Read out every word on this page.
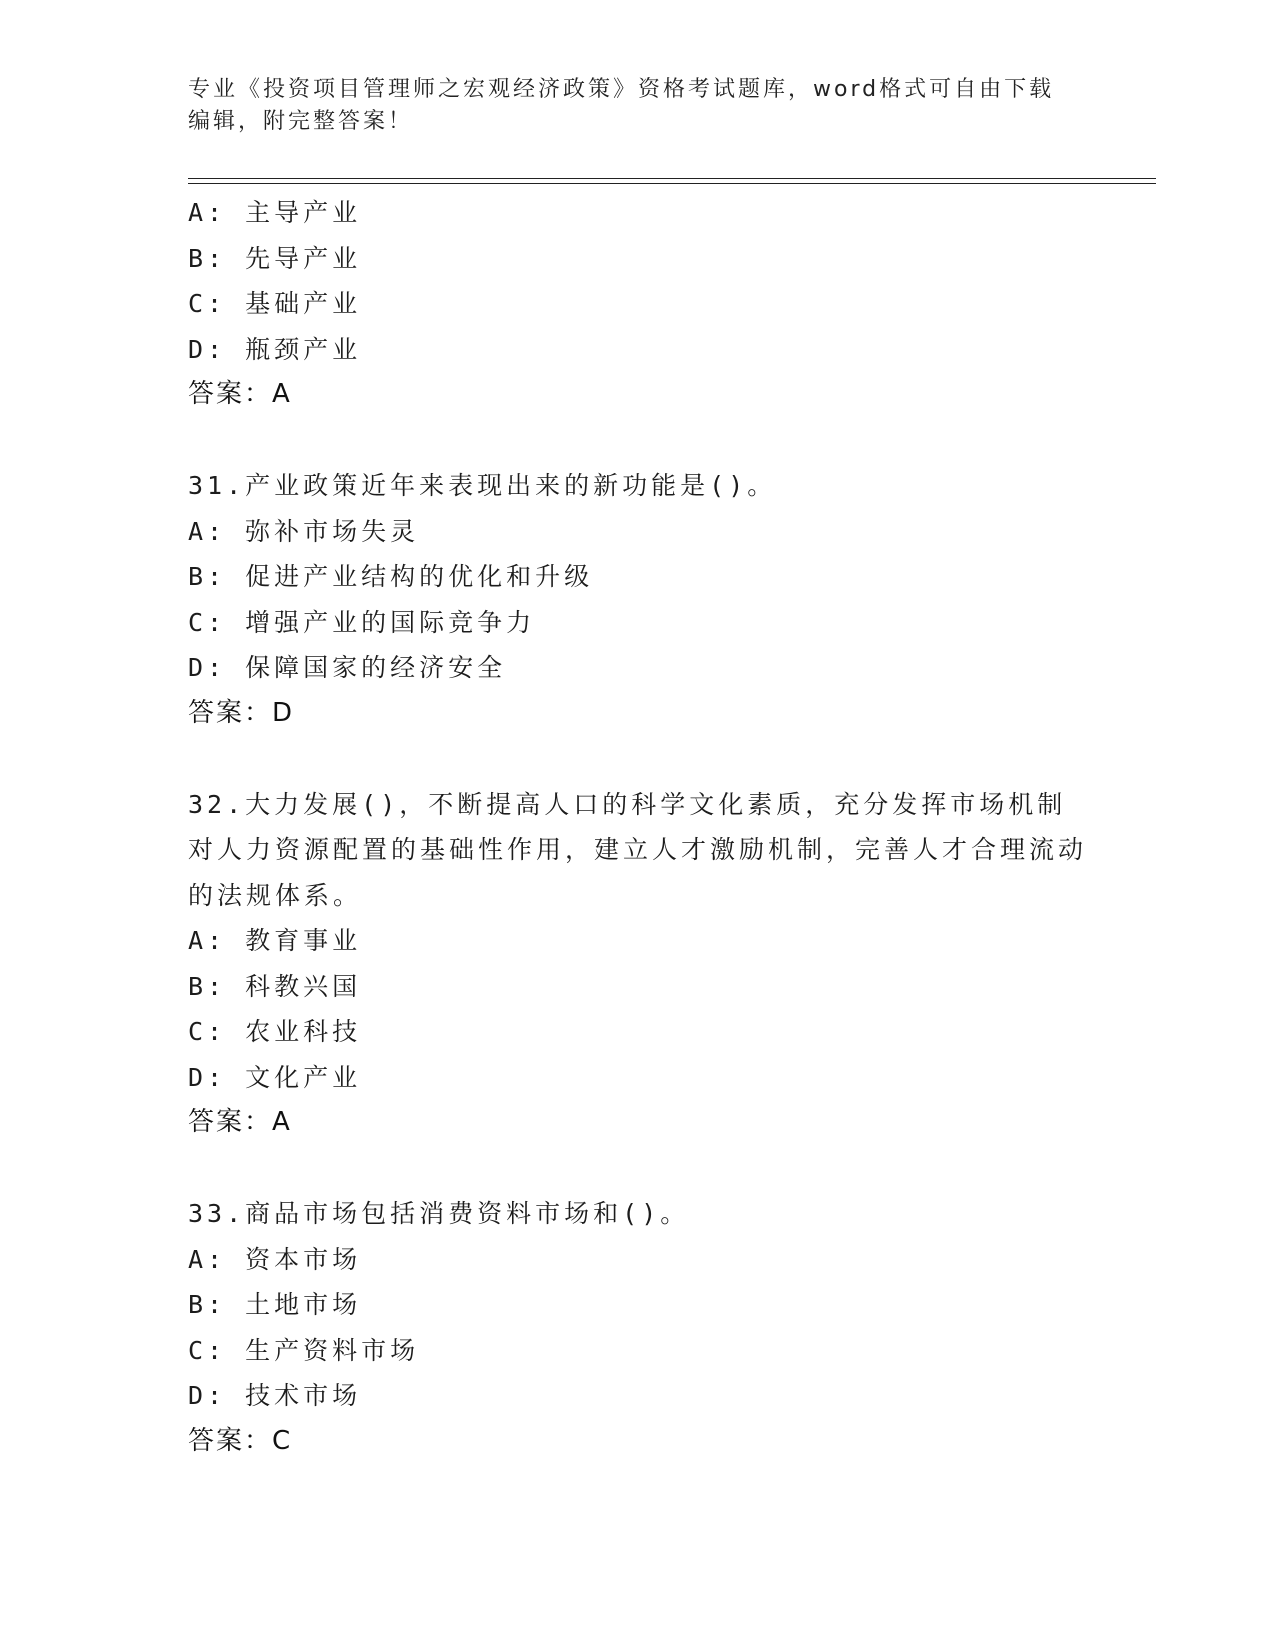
专业《投资项目管理师之宏观经济政策》资格考试题库，word格式可自由下载编辑，附完整答案！
A: 主导产业
B: 先导产业
C: 基础产业
D: 瓶颈产业
答案：A
31.产业政策近年来表现出来的新功能是()。
A: 弥补市场失灵
B: 促进产业结构的优化和升级
C: 增强产业的国际竞争力
D: 保障国家的经济安全
答案：D
32.大力发展()，不断提高人口的科学文化素质，充分发挥市场机制对人力资源配置的基础性作用，建立人才激励机制，完善人才合理流动的法规体系。
A: 教育事业
B: 科教兴国
C: 农业科技
D: 文化产业
答案：A
33.商品市场包括消费资料市场和()。
A: 资本市场
B: 土地市场
C: 生产资料市场
D: 技术市场
答案：C
